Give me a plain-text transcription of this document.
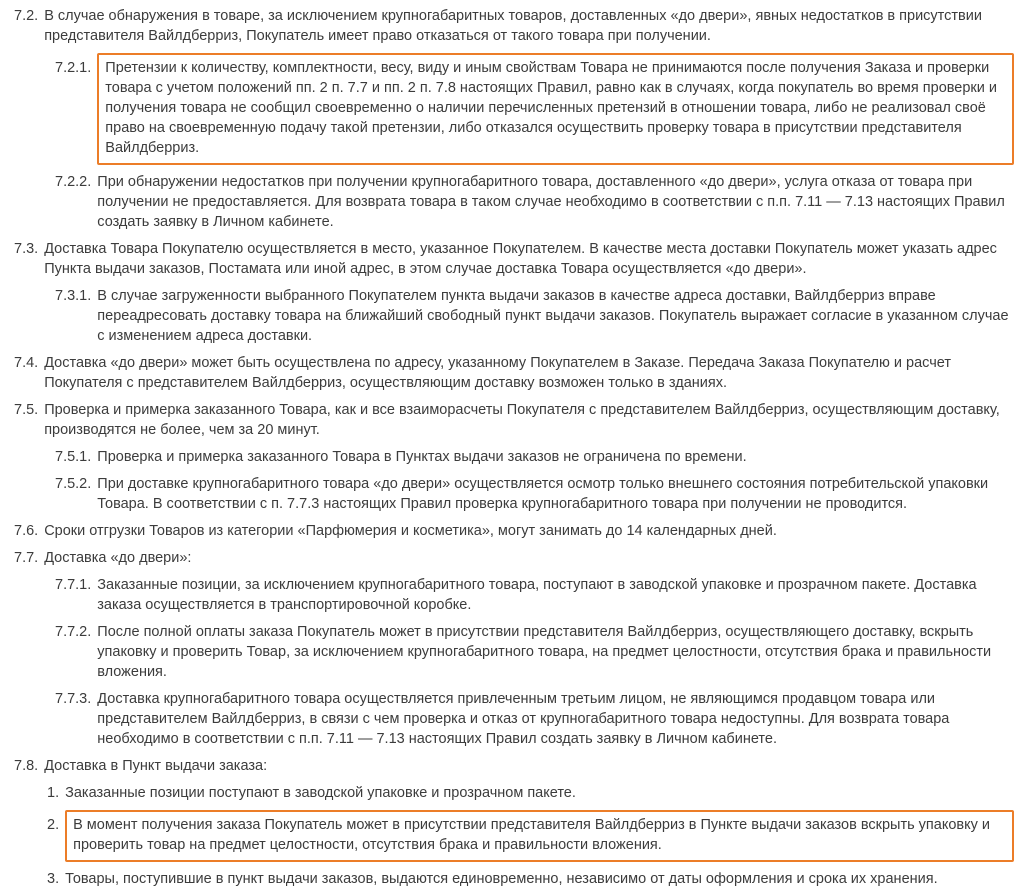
7.2. В случае обнаружения в товаре, за исключением крупногабаритных товаров, доставленных «до двери», явных недостатков в присутствии представителя Вайлдберриз, Покупатель имеет право отказаться от такого товара при получении.
7.2.1. Претензии к количеству, комплектности, весу, виду и иным свойствам Товара не принимаются после получения Заказа и проверки товара с учетом положений пп. 2 п. 7.7 и пп. 2 п. 7.8 настоящих Правил, равно как в случаях, когда покупатель во время проверки и получения товара не сообщил своевременно о наличии перечисленных претензий в отношении товара, либо не реализовал своё право на своевременную подачу такой претензии, либо отказался осуществить проверку товара в присутствии представителя Вайлдберриз.
7.2.2. При обнаружении недостатков при получении крупногабаритного товара, доставленного «до двери», услуга отказа от товара при получении не предоставляется. Для возврата товара в таком случае необходимо в соответствии с п.п. 7.11 — 7.13 настоящих Правил создать заявку в Личном кабинете.
7.3. Доставка Товара Покупателю осуществляется в место, указанное Покупателем. В качестве места доставки Покупатель может указать адрес Пункта выдачи заказов, Постамата или иной адрес, в этом случае доставка Товара осуществляется «до двери».
7.3.1. В случае загруженности выбранного Покупателем пункта выдачи заказов в качестве адреса доставки, Вайлдберриз вправе переадресовать доставку товара на ближайший свободный пункт выдачи заказов. Покупатель выражает согласие в указанном случае с изменением адреса доставки.
7.4. Доставка «до двери» может быть осуществлена по адресу, указанному Покупателем в Заказе. Передача Заказа Покупателю и расчет Покупателя с представителем Вайлдберриз, осуществляющим доставку возможен только в зданиях.
7.5. Проверка и примерка заказанного Товара, как и все взаиморасчеты Покупателя с представителем Вайлдберриз, осуществляющим доставку, производятся не более, чем за 20 минут.
7.5.1. Проверка и примерка заказанного Товара в Пунктах выдачи заказов не ограничена по времени.
7.5.2. При доставке крупногабаритного товара «до двери» осуществляется осмотр только внешнего состояния потребительской упаковки Товара. В соответствии с п. 7.7.3 настоящих Правил проверка крупногабаритного товара при получении не проводится.
7.6. Сроки отгрузки Товаров из категории «Парфюмерия и косметика», могут занимать до 14 календарных дней.
7.7. Доставка «до двери»:
7.7.1. Заказанные позиции, за исключением крупногабаритного товара, поступают в заводской упаковке и прозрачном пакете. Доставка заказа осуществляется в транспортировочной коробке.
7.7.2. После полной оплаты заказа Покупатель может в присутствии представителя Вайлдберриз, осуществляющего доставку, вскрыть упаковку и проверить Товар, за исключением крупногабаритного товара, на предмет целостности, отсутствия брака и правильности вложения.
7.7.3. Доставка крупногабаритного товара осуществляется привлеченным третьим лицом, не являющимся продавцом товара или представителем Вайлдберриз, в связи с чем проверка и отказ от крупногабаритного товара недоступны. Для возврата товара необходимо в соответствии с п.п. 7.11 — 7.13 настоящих Правил создать заявку в Личном кабинете.
7.8. Доставка в Пункт выдачи заказа:
1. Заказанные позиции поступают в заводской упаковке и прозрачном пакете.
2. В момент получения заказа Покупатель может в присутствии представителя Вайлдберриз в Пункте выдачи заказов вскрыть упаковку и проверить товар на предмет целостности, отсутствия брака и правильности вложения.
3. Товары, поступившие в пункт выдачи заказов, выдаются единовременно, независимо от даты оформления и срока их хранения.
